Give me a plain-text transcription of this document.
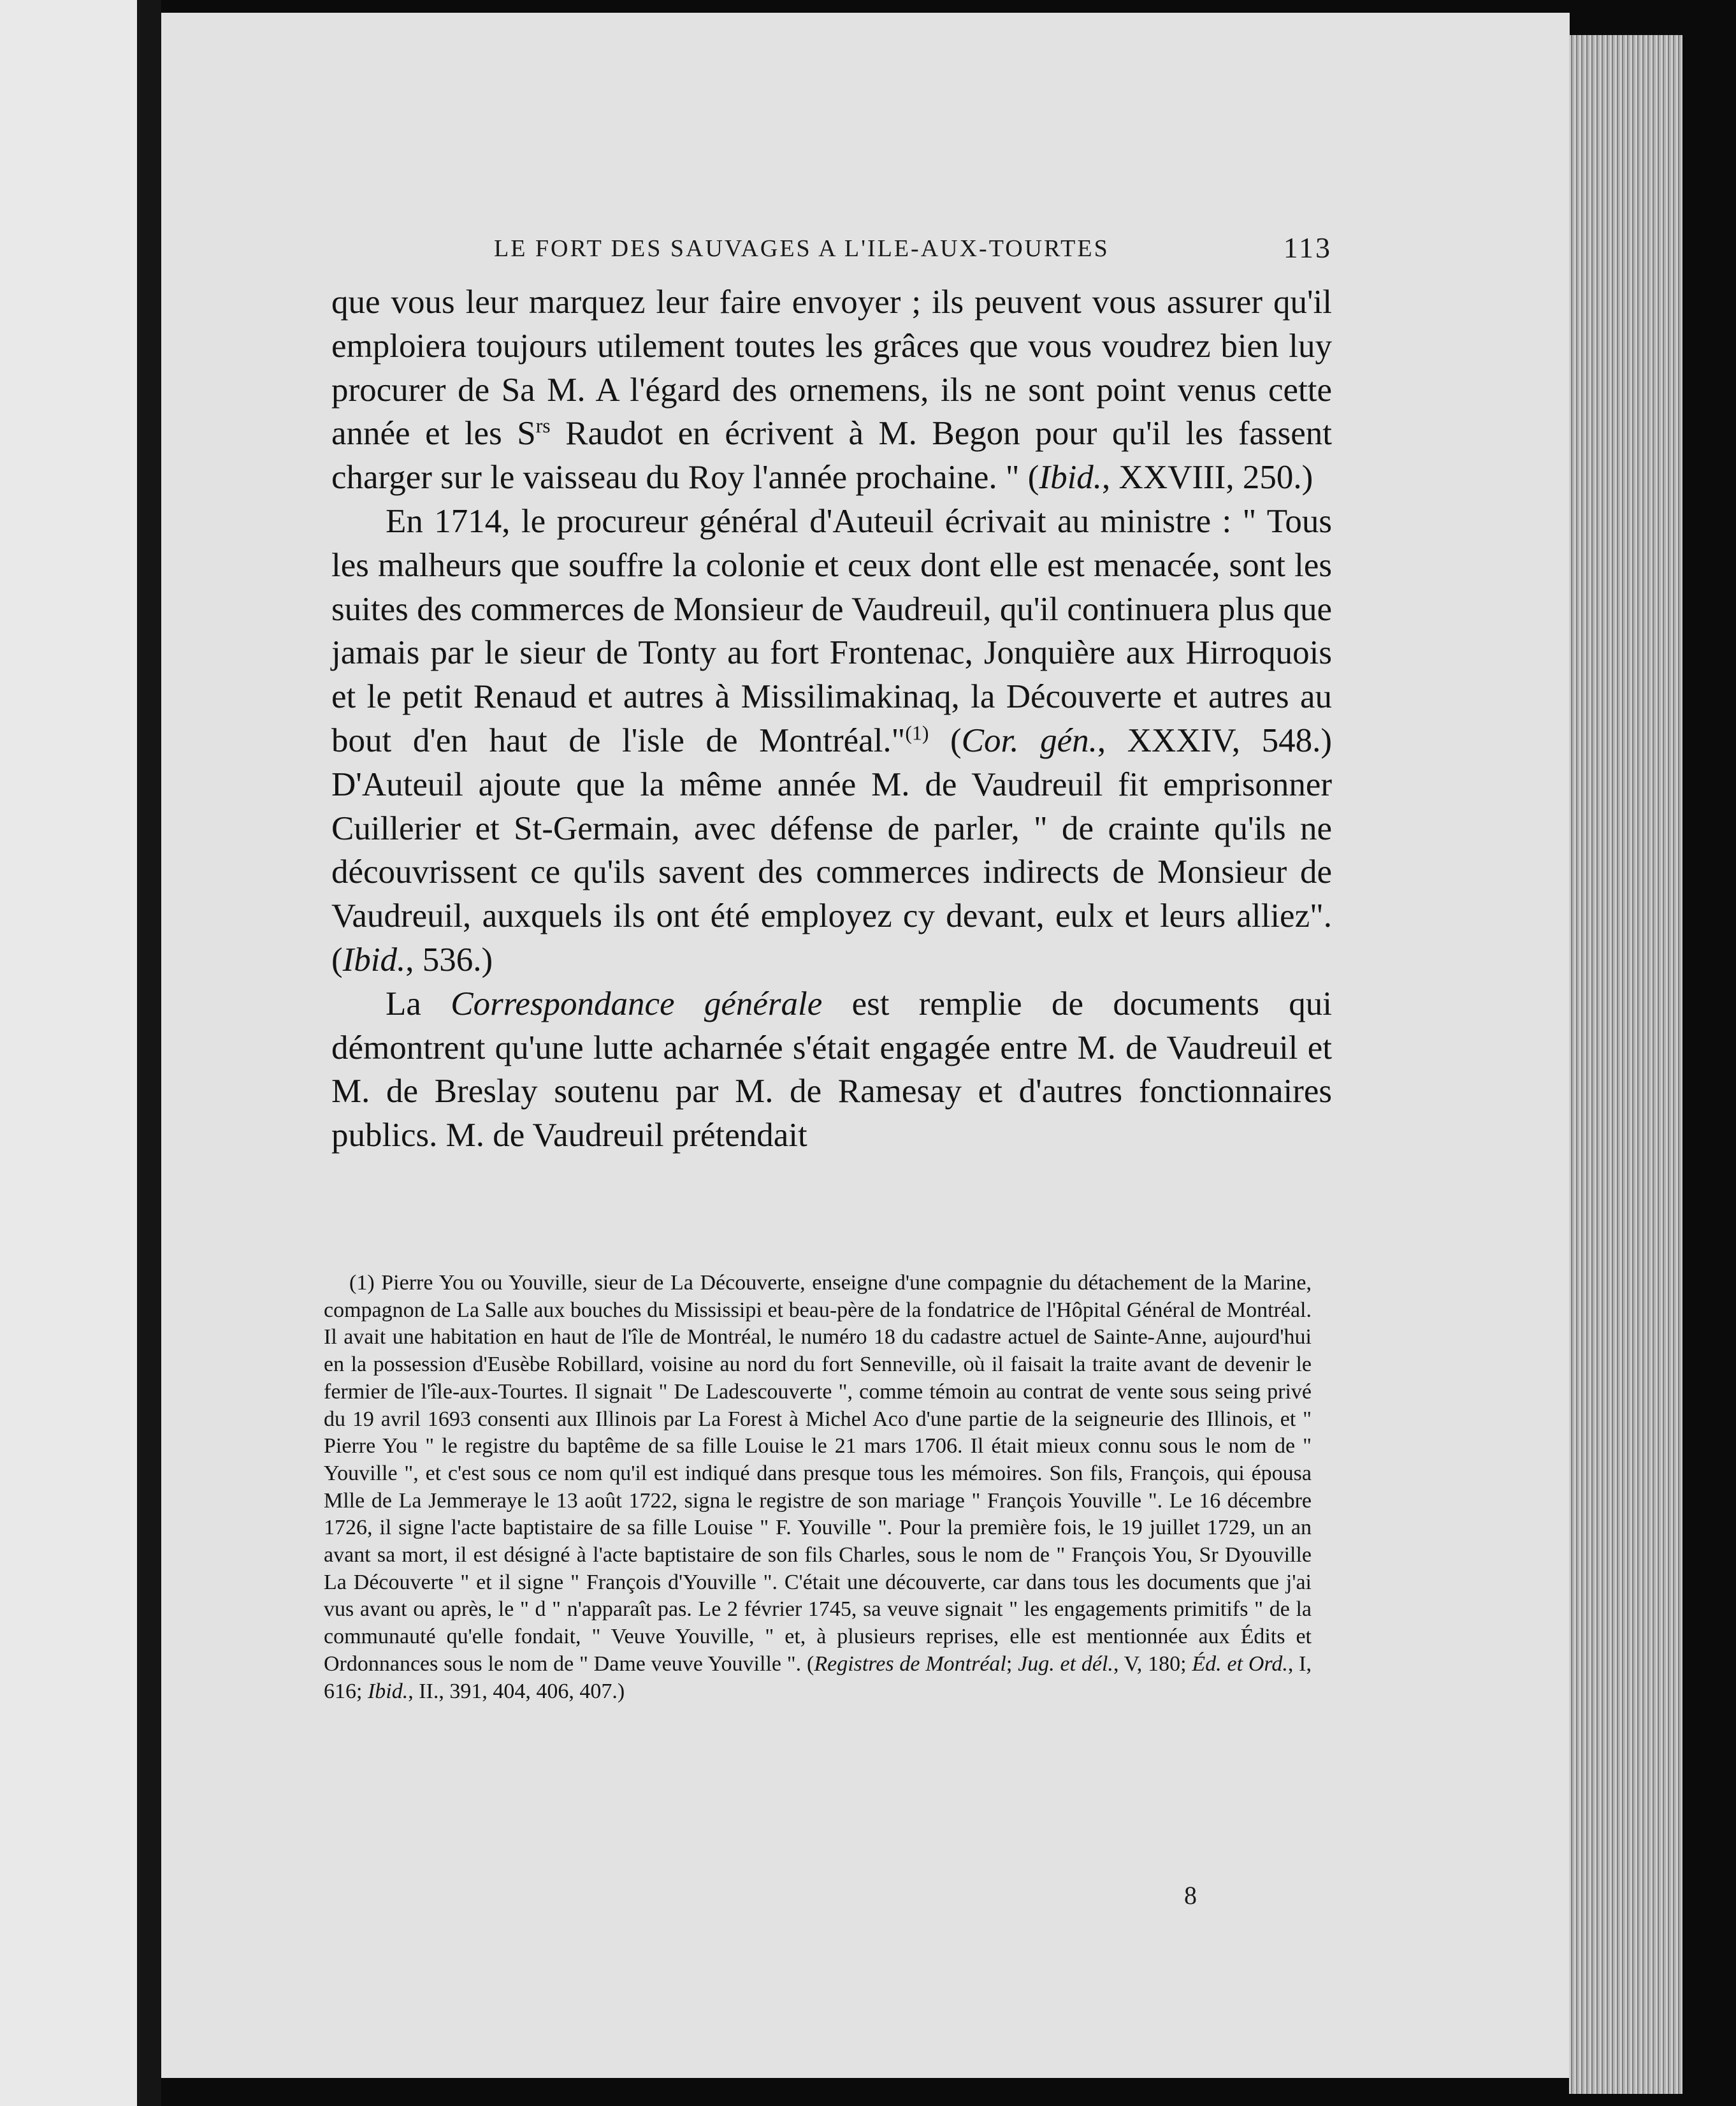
LE FORT DES SAUVAGES A L'ILE-AUX-TOURTES	113

que vous leur marquez leur faire envoyer ; ils peuvent vous assurer qu'il emploiera toujours utilement toutes les grâces que vous voudrez bien luy procurer de Sa M. A l'égard des ornemens, ils ne sont point venus cette année et les $S^{rs}$ Raudot en écrivent à M. Begon pour qu'il les fassent charger sur le vaisseau du Roy l'année prochaine. " (Ibid., XXVIII, 250.)

En 1714, le procureur général d'Auteuil écrivait au ministre : " Tous les malheurs que souffre la colonie et ceux dont elle est menacée, sont les suites des commerces de Monsieur de Vaudreuil, qu'il continuera plus que jamais par le sieur de Tonty au fort Frontenac, Jonquière aux Hirroquois et le petit Renaud et autres à Missilimakinaq, la Découverte et autres au bout d'en haut de l'isle de Montréal."$^{(1)}$ (Cor. gén., XXXIV, 548.) D'Auteuil ajoute que la même année M. de Vaudreuil fit emprisonner Cuillerier et St-Germain, avec défense de parler, " de crainte qu'ils ne découvrissent ce qu'ils savent des commerces indirects de Monsieur de Vaudreuil, auxquels ils ont été employez cy devant, eulx et leurs alliez". (Ibid., 536.)

La Correspondance générale est remplie de documents qui démontrent qu'une lutte acharnée s'était engagée entre M. de Vaudreuil et M. de Breslay soutenu par M. de Ramesay et d'autres fonctionnaires publics. M. de Vaudreuil prétendait

(1) Pierre You ou Youville, sieur de La Découverte, enseigne d'une compagnie du détachement de la Marine, compagnon de La Salle aux bouches du Mississipi et beau-père de la fondatrice de l'Hôpital Général de Montréal. Il avait une habitation en haut de l'île de Montréal, le numéro 18 du cadastre actuel de Sainte-Anne, aujourd'hui en la possession d'Eusèbe Robillard, voisine au nord du fort Senneville, où il faisait la traite avant de devenir le fermier de l'île-aux-Tourtes. Il signait " De Ladescouverte ", comme témoin au contrat de vente sous seing privé du 19 avril 1693 consenti aux Illinois par La Forest à Michel Aco d'une partie de la seigneurie des Illinois, et " Pierre You " le registre du baptême de sa fille Louise le 21 mars 1706. Il était mieux connu sous le nom de " Youville ", et c'est sous ce nom qu'il est indiqué dans presque tous les mémoires. Son fils, François, qui épousa Mlle de La Jemmeraye le 13 août 1722, signa le registre de son mariage " François Youville ". Le 16 décembre 1726, il signe l'acte baptistaire de sa fille Louise " F. Youville ". Pour la première fois, le 19 juillet 1729, un an avant sa mort, il est désigné à l'acte baptistaire de son fils Charles, sous le nom de " François You, Sr Dyouville La Découverte " et il signe " François d'Youville ". C'était une découverte, car dans tous les documents que j'ai vus avant ou après, le " d " n'apparaît pas. Le 2 février 1745, sa veuve signait " les engagements primitifs " de la communauté qu'elle fondait, " Veuve Youville, " et, à plusieurs reprises, elle est mentionnée aux Édits et Ordonnances sous le nom de " Dame veuve Youville ". (Registres de Montréal; Jug. et dél., V, 180; Éd. et Ord., I, 616; Ibid., II., 391, 404, 406, 407.)

8
